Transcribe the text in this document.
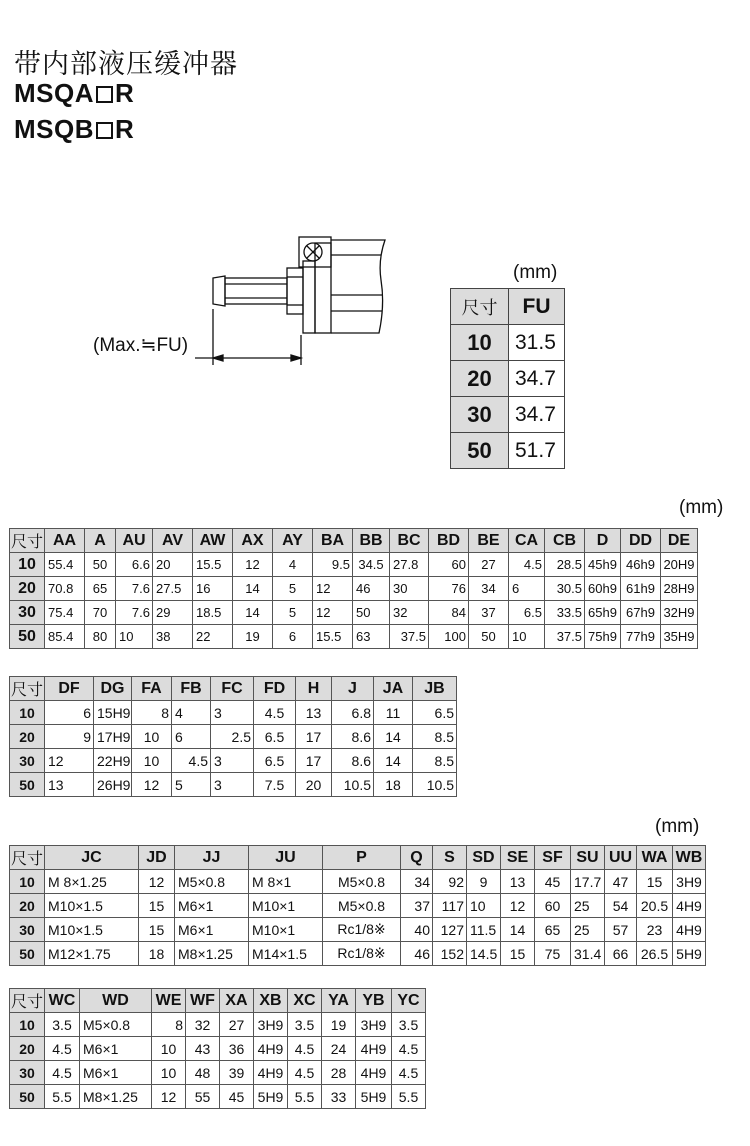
带内部液压缓冲器
MSQA R
MSQB R
(Max.≒FU)
(mm)
尺寸	FU
10	31.5
20	34.7
30	34.7
50	51.7
(mm)
尺寸	AA	A	AU	AV	AW	AX	AY	BA	BB	BC	BD	BE	CA	CB	D	DD	DE
10	55.4	50	6.6	20	15.5	12	4	9.5	34.5	27.8	60	27	4.5	28.5	45h9	46h9	20H9
20	70.8	65	7.6	27.5	16	14	5	12	46	30	76	34	6	30.5	60h9	61h9	28H9
30	75.4	70	7.6	29	18.5	14	5	12	50	32	84	37	6.5	33.5	65h9	67h9	32H9
50	85.4	80	10	38	22	19	6	15.5	63	37.5	100	50	10	37.5	75h9	77h9	35H9
尺寸	DF	DG	FA	FB	FC	FD	H	J	JA	JB
10	6	15H9	8	4	3	4.5	13	6.8	11	6.5
20	9	17H9	10	6	2.5	6.5	17	8.6	14	8.5
30	12	22H9	10	4.5	3	6.5	17	8.6	14	8.5
50	13	26H9	12	5	3	7.5	20	10.5	18	10.5
(mm)
尺寸	JC	JD	JJ	JU	P	Q	S	SD	SE	SF	SU	UU	WA	WB
10	M 8×1.25	12	M5×0.8	M 8×1	M5×0.8	34	92	9	13	45	17.7	47	15	3H9
20	M10×1.5	15	M6×1	M10×1	M5×0.8	37	117	10	12	60	25	54	20.5	4H9
30	M10×1.5	15	M6×1	M10×1	Rc1/8※	40	127	11.5	14	65	25	57	23	4H9
50	M12×1.75	18	M8×1.25	M14×1.5	Rc1/8※	46	152	14.5	15	75	31.4	66	26.5	5H9
尺寸	WC	WD	WE	WF	XA	XB	XC	YA	YB	YC
10	3.5	M5×0.8	8	32	27	3H9	3.5	19	3H9	3.5
20	4.5	M6×1	10	43	36	4H9	4.5	24	4H9	4.5
30	4.5	M6×1	10	48	39	4H9	4.5	28	4H9	4.5
50	5.5	M8×1.25	12	55	45	5H9	5.5	33	5H9	5.5
